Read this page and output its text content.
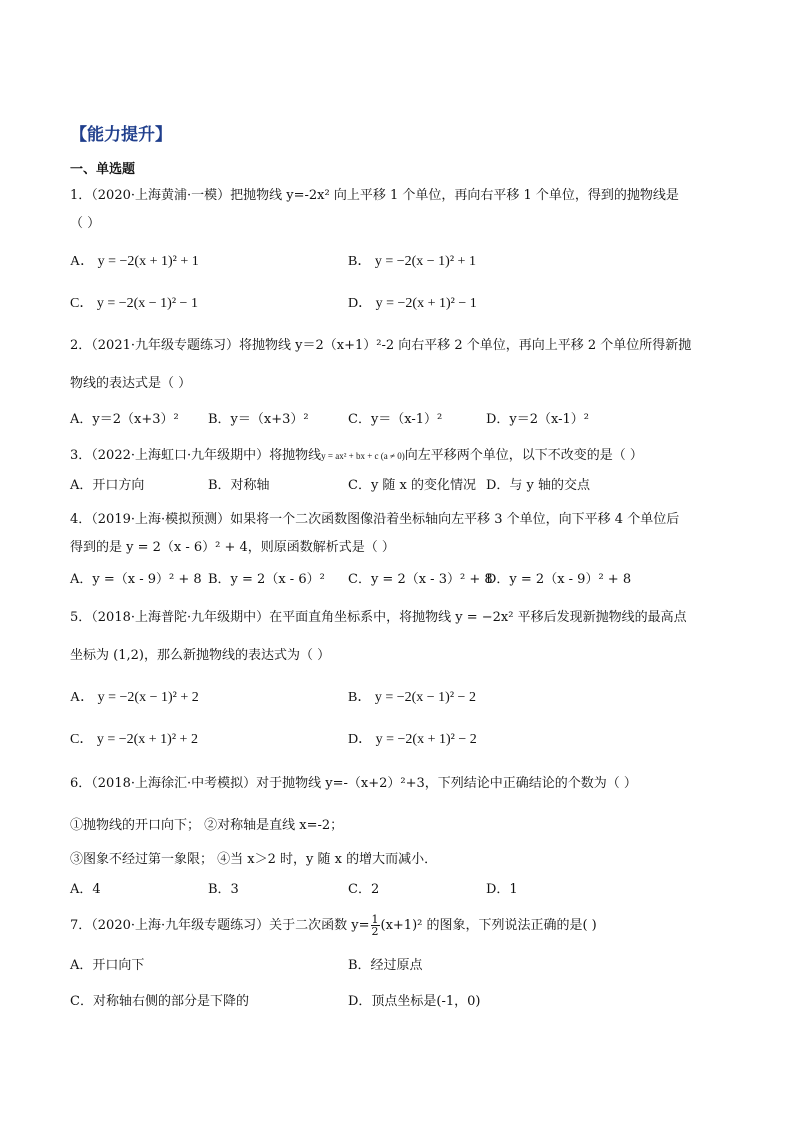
【能力提升】
一、单选题
1．（2020·上海黄浦·一模）把抛物线 y=-2x² 向上平移 1 个单位，再向右平移 1 个单位，得到的抛物线是
（ ）
A． y = −2(x + 1)² + 1	B． y = −2(x − 1)² + 1
C． y = −2(x − 1)² − 1	D． y = −2(x + 1)² − 1
2．（2021·九年级专题练习）将抛物线 y＝2（x+1）²-2 向右平移 2 个单位，再向上平移 2 个单位所得新抛
物线的表达式是（ ）
A．y＝2（x+3）² B．y＝（x+3）²	C．y＝（x-1）²	D．y＝2（x-1）²
3．（2022·上海虹口·九年级期中）将抛物线y = ax² + bx + c (a ≠ 0)向左平移两个单位，以下不改变的是（ ）
A．开口方向	B．对称轴	C．y 随 x 的变化情况 D．与 y 轴的交点
4．（2019·上海·模拟预测）如果将一个二次函数图像沿着坐标轴向左平移 3 个单位，向下平移 4 个单位后
得到的是 y = 2（x - 6）² + 4，则原函数解析式是（ ）
A．y =（x - 9）² + 8 B．y = 2（x - 6）² C．y = 2（x - 3）² + 8
D．y = 2（x - 9）² + 8
5．（2018·上海普陀·九年级期中）在平面直角坐标系中，将抛物线 y = −2x² 平移后发现新抛物线的最高点
坐标为 (1,2)，那么新抛物线的表达式为（ ）
A． y = −2(x − 1)² + 2	B． y = −2(x − 1)² − 2
C． y = −2(x + 1)² + 2	D． y = −2(x + 1)² − 2
6．（2018·上海徐汇·中考模拟）对于抛物线 y=-（x+2）²+3，下列结论中正确结论的个数为（ ）
①抛物线的开口向下； ②对称轴是直线 x=-2；
③图象不经过第一象限； ④当 x＞2 时，y 随 x 的增大而减小．
A．4	B．3	C．2	D．1
7．（2020·上海·九年级专题练习）关于二次函数 $y= \frac{1}{2} (x+1)^2$ 的图象，下列说法正确的是( )
A．开口向下	B．经过原点
C．对称轴右侧的部分是下降的	D．顶点坐标是(-1，0)
